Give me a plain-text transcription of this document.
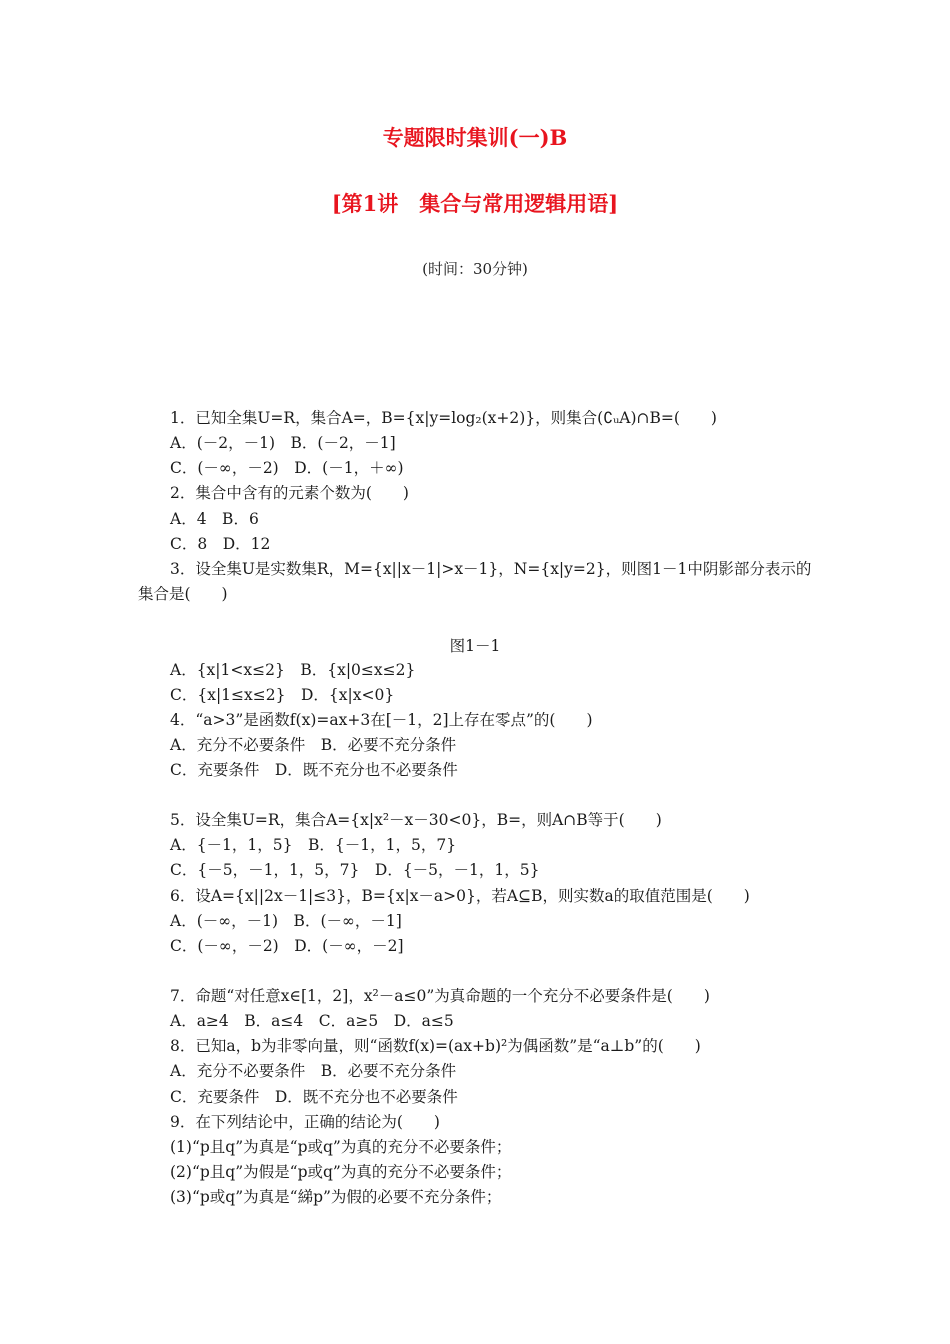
专题限时集训(一)B
[第1讲　集合与常用逻辑用语]
(时间：30分钟)
1．已知全集U=R，集合A=，B={x|y=log₂(x+2)}，则集合(∁ᵤA)∩B=(　　)
A．(－2，－1)　B．(－2，－1]
C．(－∞，－2)　D．(－1，＋∞)
2．集合中含有的元素个数为(　　)
A．4　B．6
C．8　D．12
3．设全集U是实数集R，M={x||x－1|>x－1}，N={x|y=2}，则图1－1中阴影部分表示的
集合是(　　)
图1－1
A．{x|1<x≤2}　B．{x|0≤x≤2}
C．{x|1≤x≤2}　D．{x|x<0}
4．“a>3”是函数f(x)=ax+3在[－1，2]上存在零点”的(　　)
A．充分不必要条件　B．必要不充分条件
C．充要条件　D．既不充分也不必要条件
5．设全集U=R，集合A={x|x²－x－30<0}，B=，则A∩B等于(　　)
A．{－1，1，5}　B．{－1，1，5，7}
C．{－5，－1，1，5，7}　D．{－5，－1，1，5}
6．设A={x||2x－1|≤3}，B={x|x－a>0}，若A⊆B，则实数a的取值范围是(　　)
A．(－∞，－1)　B．(－∞，－1]
C．(－∞，－2)　D．(－∞，－2]
7．命题“对任意x∈[1，2]，x²－a≤0”为真命题的一个充分不必要条件是(　　)
A．a≥4　B．a≤4　C．a≥5　D．a≤5
8．已知a，b为非零向量，则“函数f(x)=(ax+b)²为偶函数”是“a⊥b”的(　　)
A．充分不必要条件　B．必要不充分条件
C．充要条件　D．既不充分也不必要条件
9．在下列结论中，正确的结论为(　　)
(1)“p且q”为真是“p或q”为真的充分不必要条件；
(2)“p且q”为假是“p或q”为真的充分不必要条件；
(3)“p或q”为真是“綈p”为假的必要不充分条件；
